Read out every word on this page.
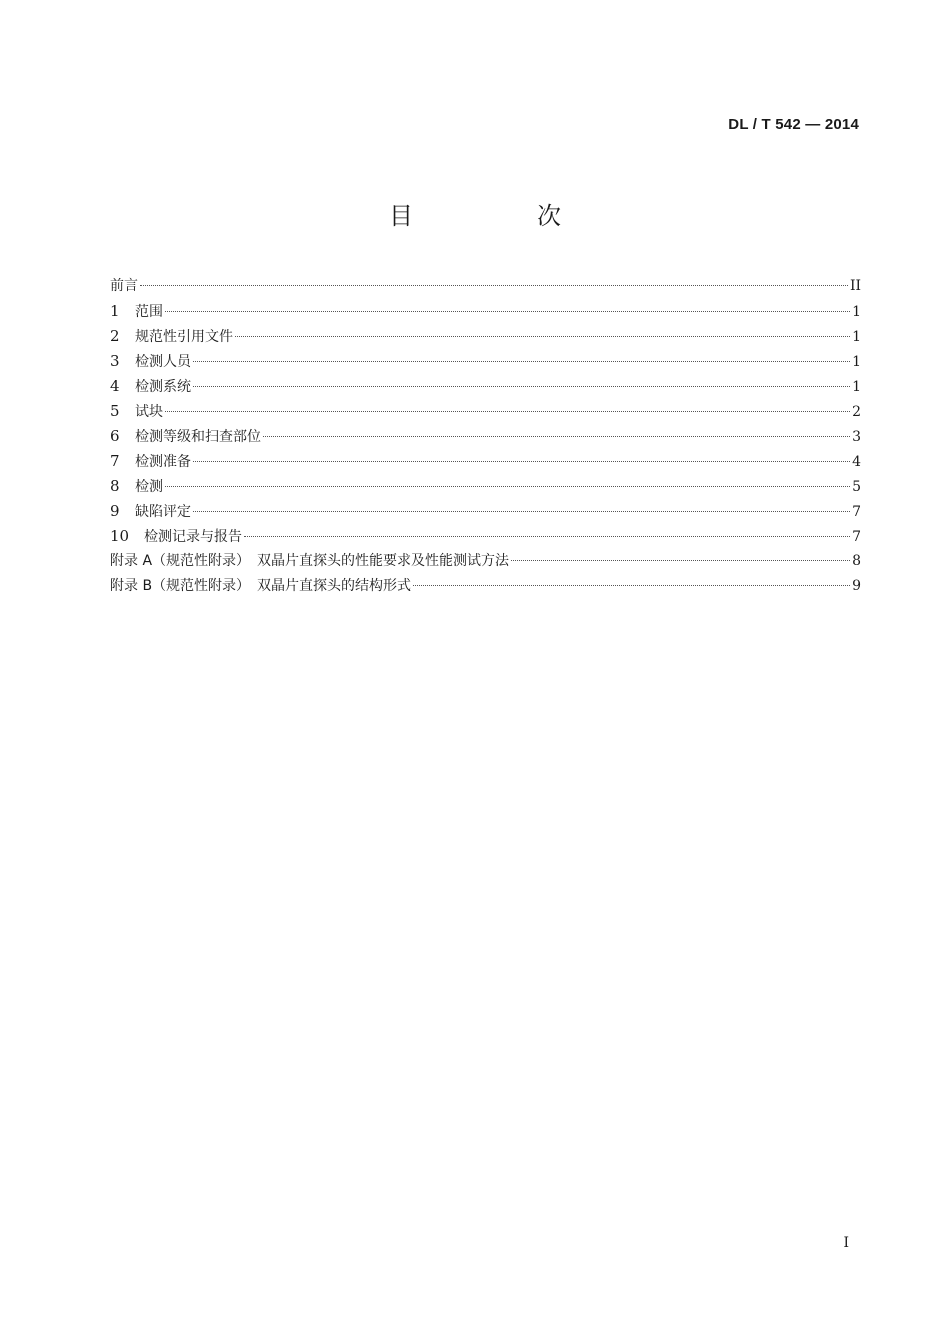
DL / T 542 — 2014
目　次
前言	II
1	范围	1
2	规范性引用文件	1
3	检测人员	1
4	检测系统	1
5	试块	2
6	检测等级和扫查部位	3
7	检测准备	4
8	检测	5
9	缺陷评定	7
10	检测记录与报告	7
附录 A（规范性附录）　双晶片直探头的性能要求及性能测试方法	8
附录 B（规范性附录）　双晶片直探头的结构形式	9
I
